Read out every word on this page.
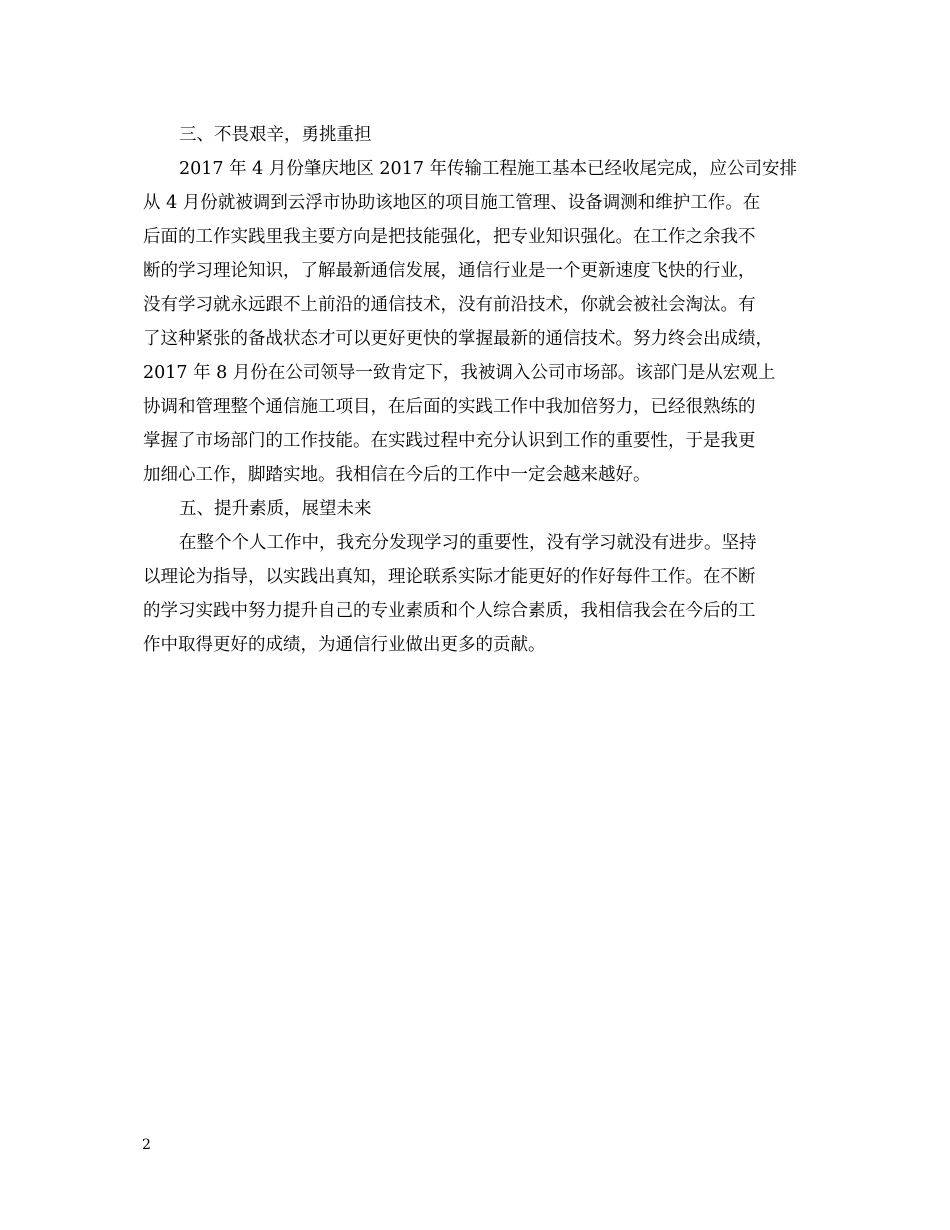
三、不畏艰辛，勇挑重担
2017 年 4 月份肇庆地区 2017 年传输工程施工基本已经收尾完成，应公司安排
从 4 月份就被调到云浮市协助该地区的项目施工管理、设备调测和维护工作。在
后面的工作实践里我主要方向是把技能强化，把专业知识强化。在工作之余我不
断的学习理论知识，了解最新通信发展，通信行业是一个更新速度飞快的行业，
没有学习就永远跟不上前沿的通信技术，没有前沿技术，你就会被社会淘汰。有
了这种紧张的备战状态才可以更好更快的掌握最新的通信技术。努力终会出成绩，
2017 年 8 月份在公司领导一致肯定下，我被调入公司市场部。该部门是从宏观上
协调和管理整个通信施工项目，在后面的实践工作中我加倍努力，已经很熟练的
掌握了市场部门的工作技能。在实践过程中充分认识到工作的重要性，于是我更
加细心工作，脚踏实地。我相信在今后的工作中一定会越来越好。
五、提升素质，展望未来
在整个个人工作中，我充分发现学习的重要性，没有学习就没有进步。坚持
以理论为指导，以实践出真知，理论联系实际才能更好的作好每件工作。在不断
的学习实践中努力提升自己的专业素质和个人综合素质，我相信我会在今后的工
作中取得更好的成绩，为通信行业做出更多的贡献。
2
